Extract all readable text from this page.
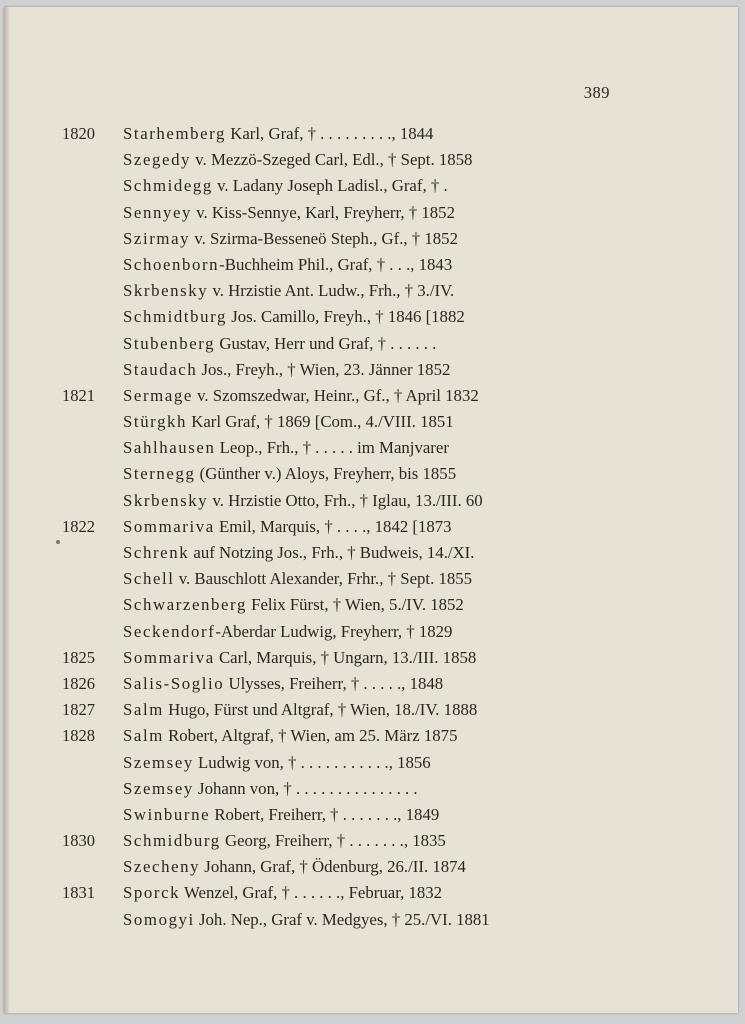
389
1820	Starhemberg Karl, Graf, † . . . . . . . . ., 1844
Szegedy v. Mezzö-Szeged Carl, Edl., † Sept. 1858
Schmidegg v. Ladany Joseph Ladisl., Graf, † .
Sennyey v. Kiss-Sennye, Karl, Freyherr, † 1852
Szirmay v. Szirma-Besseneö Steph., Gf., † 1852
Schoenborn-Buchheim Phil., Graf, † . . ., 1843
Skrbensky v. Hrzistie Ant. Ludw., Frh., † 3./IV.
Schmidtburg Jos. Camillo, Freyh., † 1846 [1882
Stubenberg Gustav, Herr und Graf, † . . . . . .
Staudach Jos., Freyh., † Wien, 23. Jänner 1852
1821	Sermage v. Szomszedwar, Heinr., Gf., † April 1832
Stürgkh Karl Graf, † 1869 [Com., 4./VIII. 1851
Sahlhausen Leop., Frh., † . . . . . im Manjvarer
Sternegg (Günther v.) Aloys, Freyherr, bis 1855
Skrbensky v. Hrzistie Otto, Frh., † Iglau, 13./III. 60
1822	Sommariva Emil, Marquis, † . . . ., 1842 [1873
Schrenk auf Notzing Jos., Frh., † Budweis, 14./XI.
Schell v. Bauschlott Alexander, Frhr., † Sept. 1855
Schwarzenberg Felix Fürst, † Wien, 5./IV. 1852
Seckendorf-Aberdar Ludwig, Freyherr, † 1829
1825	Sommariva Carl, Marquis, † Ungarn, 13./III. 1858
1826	Salis-Soglio Ulysses, Freiherr, † . . . . ., 1848
1827	Salm Hugo, Fürst und Altgraf, † Wien, 18./IV. 1888
1828	Salm Robert, Altgraf, † Wien, am 25. März 1875
Szemsey Ludwig von, † . . . . . . . . . . ., 1856
Szemsey Johann von, † . . . . . . . . . . . . . . .
Swinburne Robert, Freiherr, † . . . . . . ., 1849
1830	Schmidburg Georg, Freiherr, † . . . . . . ., 1835
Szecheny Johann, Graf, † Ödenburg, 26./II. 1874
1831	Sporck Wenzel, Graf, † . . . . . ., Februar, 1832
Somogyi Joh. Nep., Graf v. Medgyes, † 25./VI. 1881
